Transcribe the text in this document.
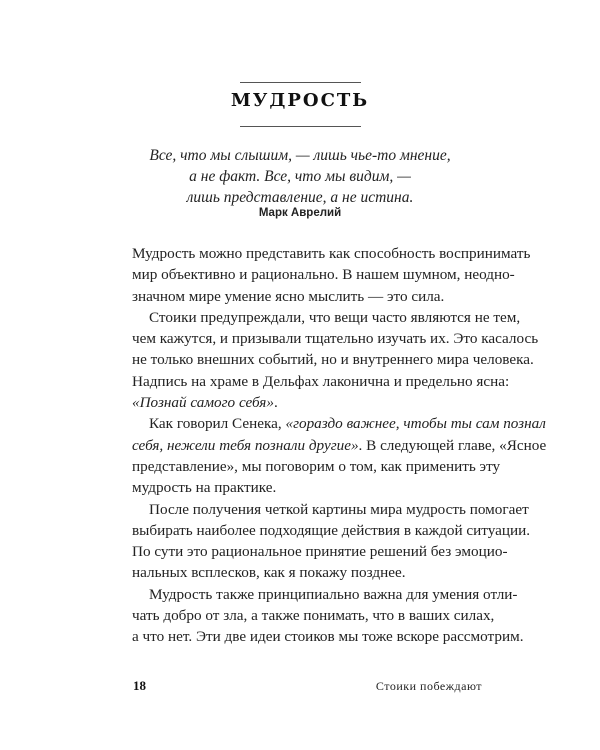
МУДРОСТЬ
Все, что мы слышим, — лишь чье-то мнение,
а не факт. Все, что мы видим, —
лишь представление, а не истина.
Марк Аврелий
Мудрость можно представить как способность воспринимать
мир объективно и рационально. В нашем шумном, неодно-
значном мире умение ясно мыслить — это сила.
Стоики предупреждали, что вещи часто являются не тем,
чем кажутся, и призывали тщательно изучать их. Это касалось
не только внешних событий, но и внутреннего мира человека.
Надпись на храме в Дельфах лаконична и предельно ясна:
«Познай самого себя».
Как говорил Сенека, «гораздо важнее, чтобы ты сам познал
себя, нежели тебя познали другие». В следующей главе, «Ясное
представление», мы поговорим о том, как применить эту
мудрость на практике.
После получения четкой картины мира мудрость помогает
выбирать наиболее подходящие действия в каждой ситуации.
По сути это рациональное принятие решений без эмоцио-
нальных всплесков, как я покажу позднее.
Мудрость также принципиально важна для умения отли-
чать добро от зла, а также понимать, что в ваших силах,
а что нет. Эти две идеи стоиков мы тоже вскоре рассмотрим.
18	Стоики побеждают
